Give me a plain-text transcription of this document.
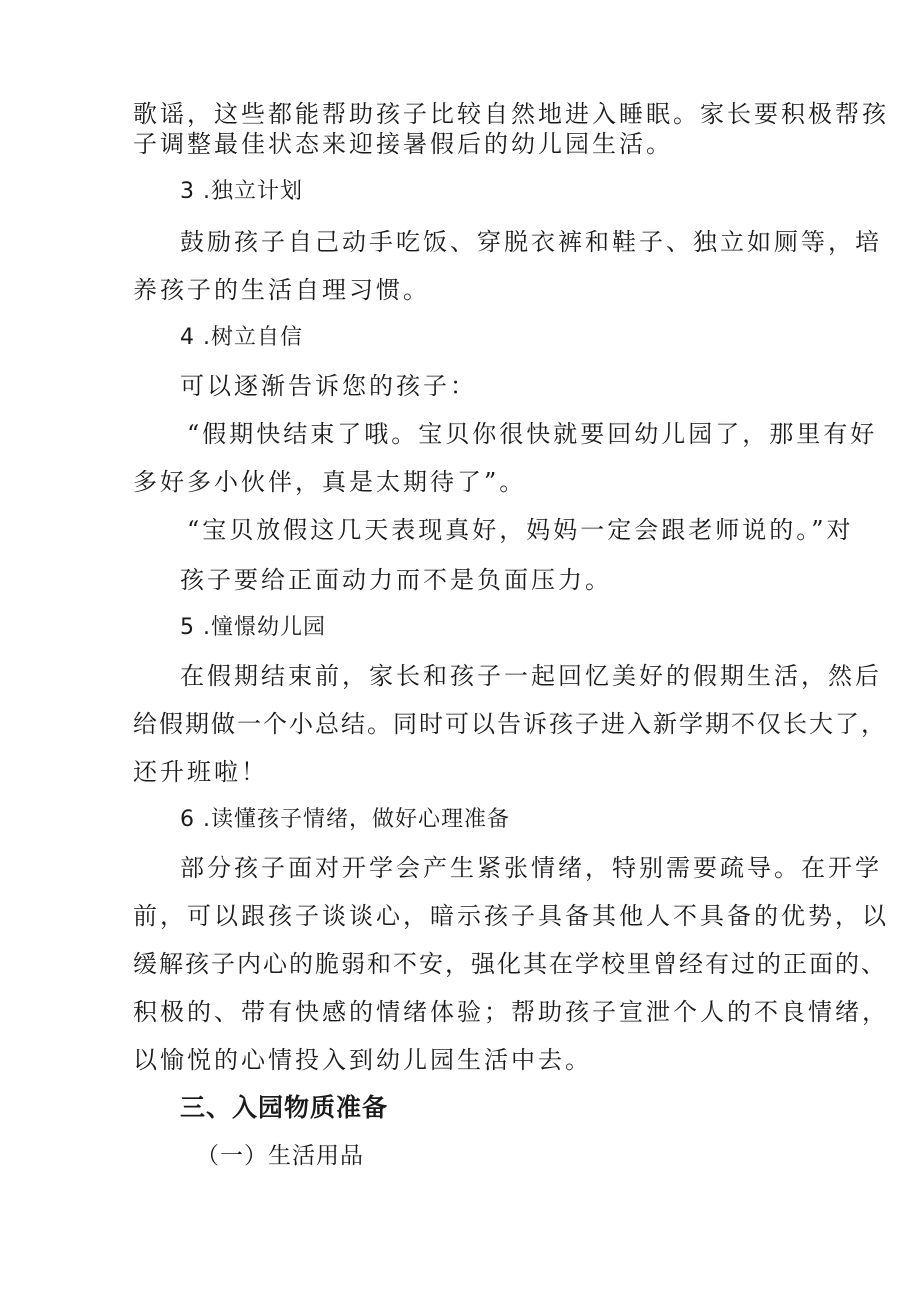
歌谣，这些都能帮助孩子比较自然地进入睡眠。家长要积极帮孩
子调整最佳状态来迎接暑假后的幼儿园生活。
3 .独立计划
鼓励孩子自己动手吃饭、穿脱衣裤和鞋子、独立如厕等，培
养孩子的生活自理习惯。
4 .树立自信
可以逐渐告诉您的孩子：
“假期快结束了哦。宝贝你很快就要回幼儿园了，那里有好
多好多小伙伴，真是太期待了”。
“宝贝放假这几天表现真好，妈妈一定会跟老师说的。”对
孩子要给正面动力而不是负面压力。
5 .憧憬幼儿园
在假期结束前，家长和孩子一起回忆美好的假期生活，然后
给假期做一个小总结。同时可以告诉孩子进入新学期不仅长大了，
还升班啦！
6 .读懂孩子情绪，做好心理准备
部分孩子面对开学会产生紧张情绪，特别需要疏导。在开学
前，可以跟孩子谈谈心，暗示孩子具备其他人不具备的优势，以
缓解孩子内心的脆弱和不安，强化其在学校里曾经有过的正面的、
积极的、带有快感的情绪体验；帮助孩子宣泄个人的不良情绪，
以愉悦的心情投入到幼儿园生活中去。
三、入园物质准备
（一）生活用品
